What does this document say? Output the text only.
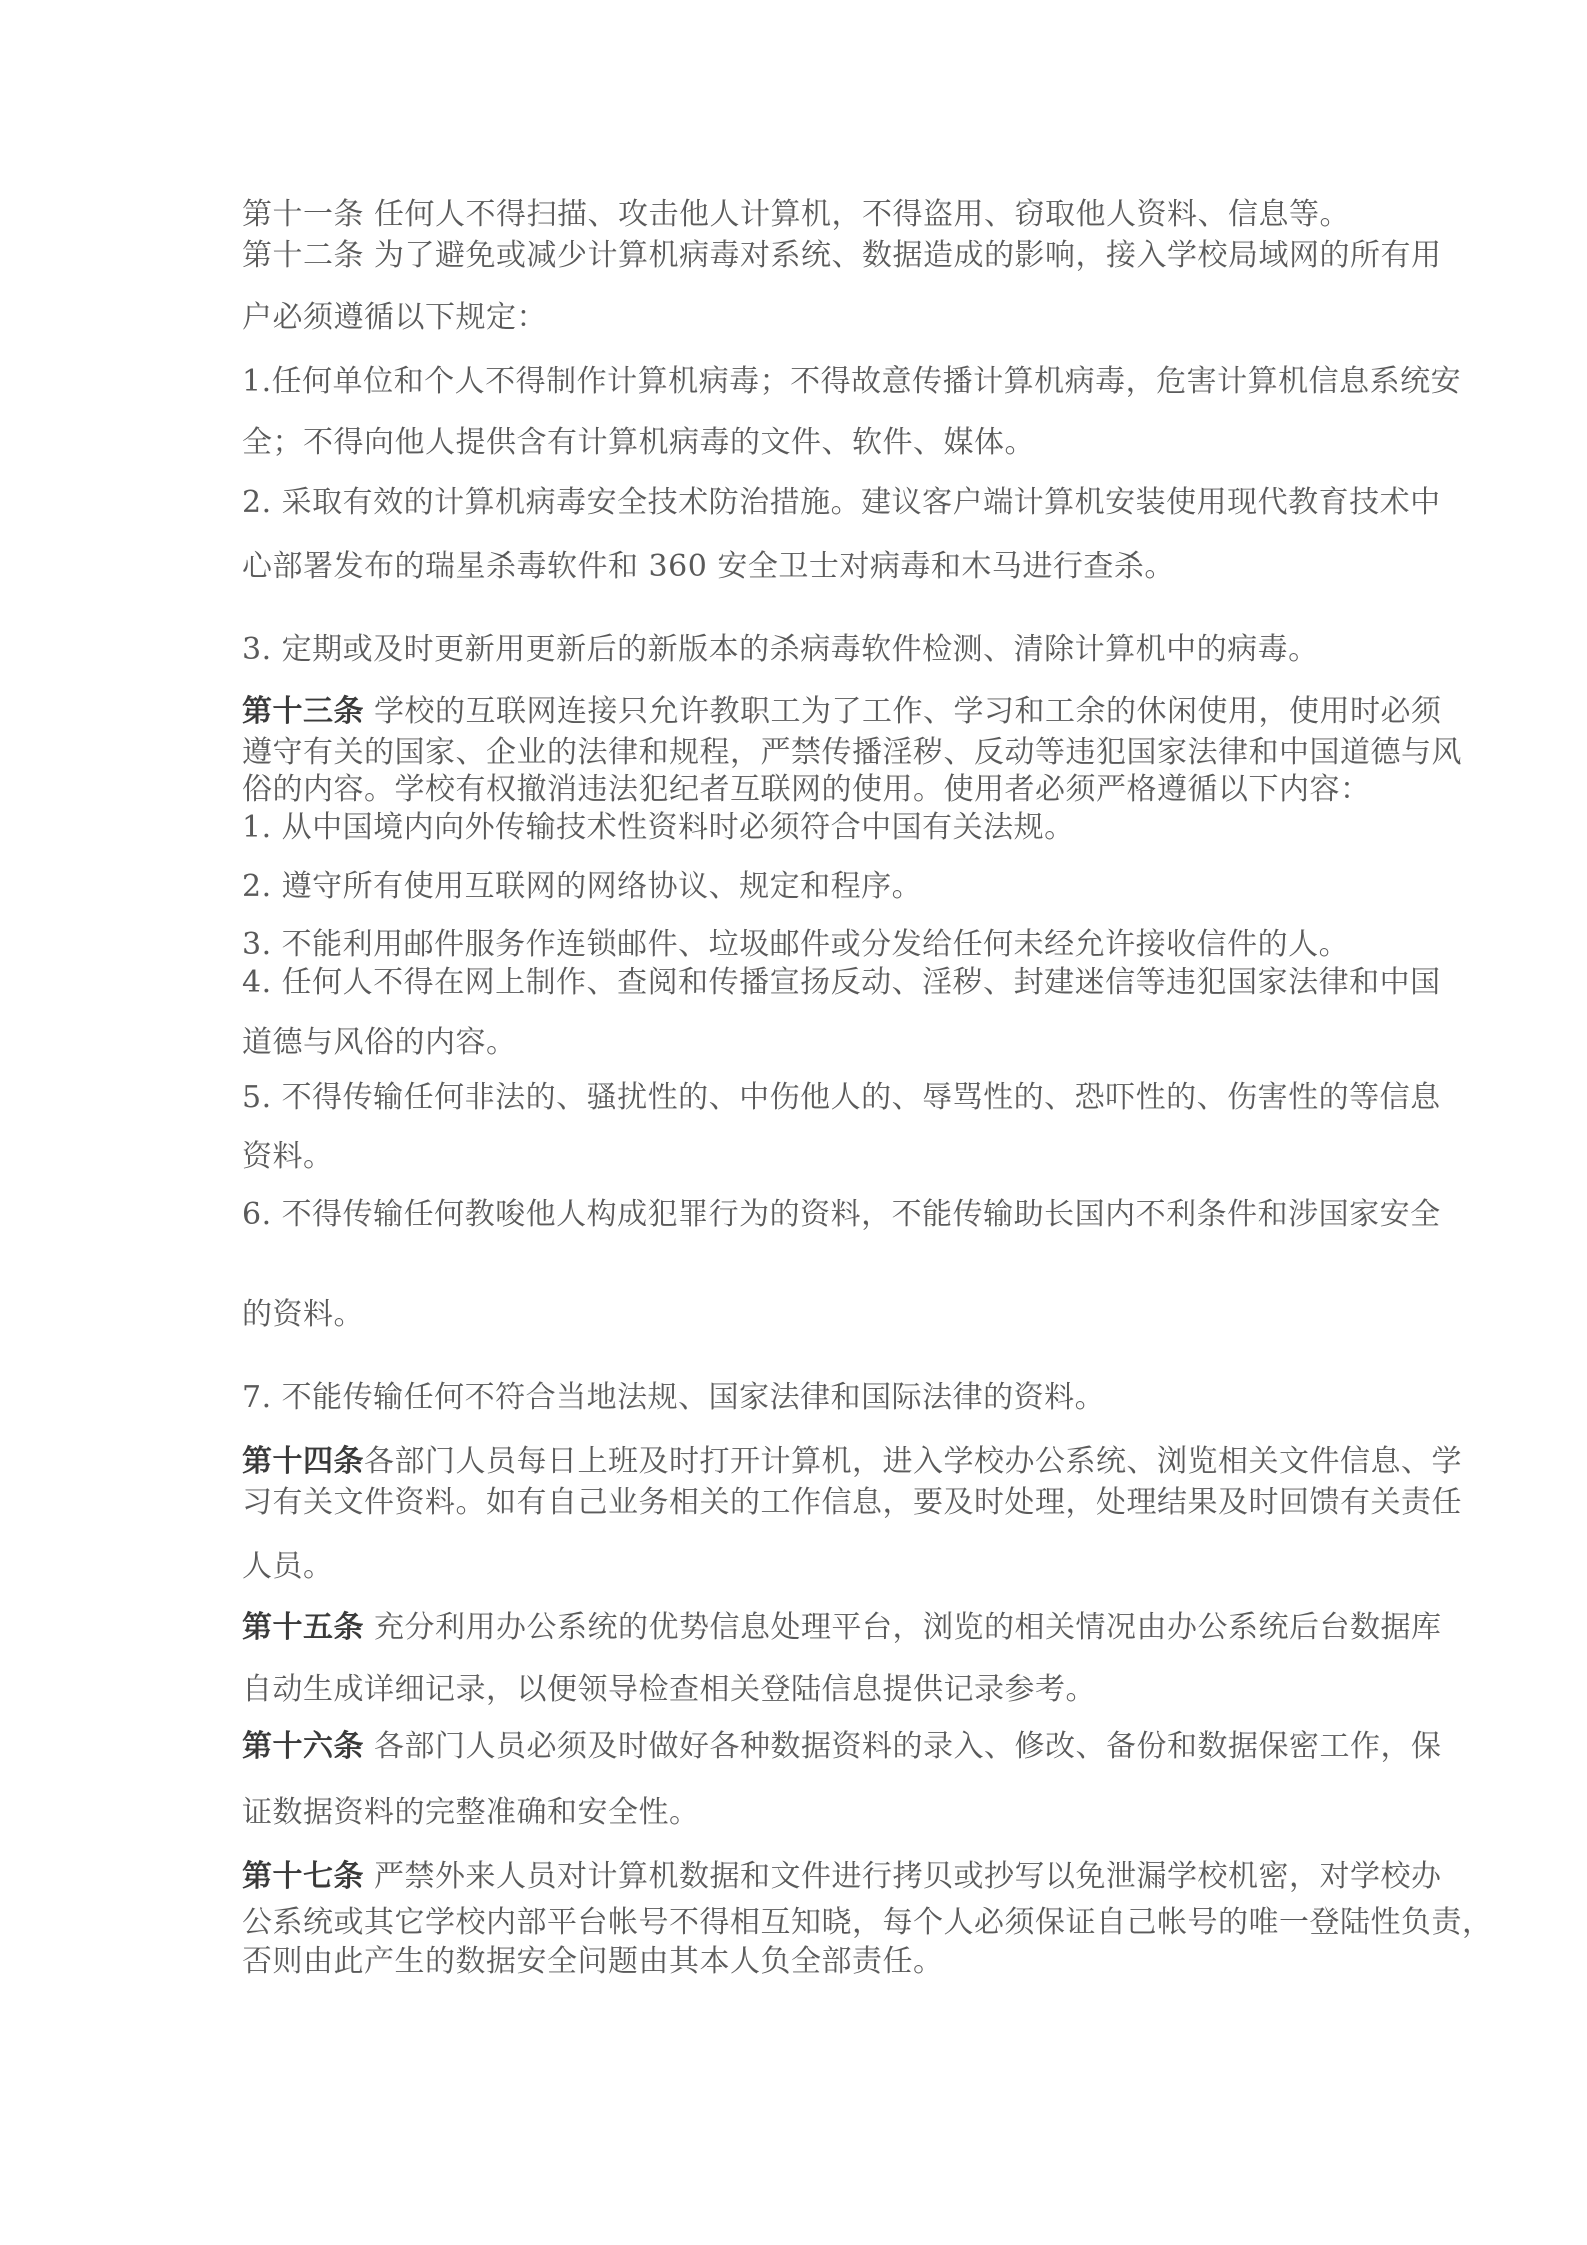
第十一条 任何人不得扫描、攻击他人计算机，不得盗用、窃取他人资料、信息等。
第十二条 为了避免或减少计算机病毒对系统、数据造成的影响，接入学校局域网的所有用
户必须遵循以下规定：
1.任何单位和个人不得制作计算机病毒；不得故意传播计算机病毒，危害计算机信息系统安
全；不得向他人提供含有计算机病毒的文件、软件、媒体。
2. 采取有效的计算机病毒安全技术防治措施。建议客户端计算机安装使用现代教育技术中
心部署发布的瑞星杀毒软件和 360 安全卫士对病毒和木马进行查杀。
3. 定期或及时更新用更新后的新版本的杀病毒软件检测、清除计算机中的病毒。
第十三条 学校的互联网连接只允许教职工为了工作、学习和工余的休闲使用，使用时必须
遵守有关的国家、企业的法律和规程，严禁传播淫秽、反动等违犯国家法律和中国道德与风
俗的内容。学校有权撤消违法犯纪者互联网的使用。使用者必须严格遵循以下内容：
1. 从中国境内向外传输技术性资料时必须符合中国有关法规。
2. 遵守所有使用互联网的网络协议、规定和程序。
3. 不能利用邮件服务作连锁邮件、垃圾邮件或分发给任何未经允许接收信件的人。
4. 任何人不得在网上制作、查阅和传播宣扬反动、淫秽、封建迷信等违犯国家法律和中国
道德与风俗的内容。
5. 不得传输任何非法的、骚扰性的、中伤他人的、辱骂性的、恐吓性的、伤害性的等信息
资料。
6. 不得传输任何教唆他人构成犯罪行为的资料，不能传输助长国内不利条件和涉国家安全
的资料。
7. 不能传输任何不符合当地法规、国家法律和国际法律的资料。
第十四条各部门人员每日上班及时打开计算机，进入学校办公系统、浏览相关文件信息、学
习有关文件资料。如有自己业务相关的工作信息，要及时处理，处理结果及时回馈有关责任
人员。
第十五条 充分利用办公系统的优势信息处理平台，浏览的相关情况由办公系统后台数据库
自动生成详细记录，以便领导检查相关登陆信息提供记录参考。
第十六条 各部门人员必须及时做好各种数据资料的录入、修改、备份和数据保密工作，保
证数据资料的完整准确和安全性。
第十七条 严禁外来人员对计算机数据和文件进行拷贝或抄写以免泄漏学校机密，对学校办
公系统或其它学校内部平台帐号不得相互知晓，每个人必须保证自己帐号的唯一登陆性负责，
否则由此产生的数据安全问题由其本人负全部责任。
